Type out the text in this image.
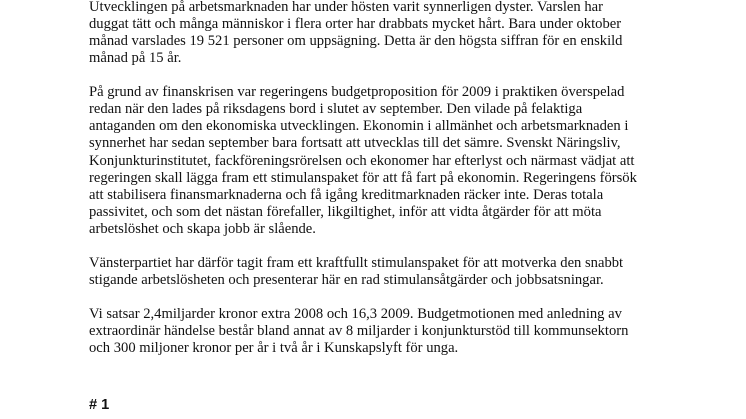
Utvecklingen på arbetsmarknaden har under hösten varit synnerligen dyster. Varslen har
duggat tätt och många människor i flera orter har drabbats mycket hårt. Bara under oktober
månad varslades 19 521 personer om uppsägning. Detta är den högsta siffran för en enskild
månad på 15 år.

På grund av finanskrisen var regeringens budgetproposition för 2009 i praktiken överspelad
redan när den lades på riksdagens bord i slutet av september. Den vilade på felaktiga
antaganden om den ekonomiska utvecklingen. Ekonomin i allmänhet och arbetsmarknaden i
synnerhet har sedan september bara fortsatt att utvecklas till det sämre. Svenskt Näringsliv,
Konjunkturinstitutet, fackföreningsrörelsen och ekonomer har efterlyst och närmast vädjat att
regeringen skall lägga fram ett stimulanspaket för att få fart på ekonomin. Regeringens försök
att stabilisera finansmarknaderna och få igång kreditmarknaden räcker inte. Deras totala
passivitet, och som det nästan förefaller, likgiltighet, inför att vidta åtgärder för att möta
arbetslöshet och skapa jobb är slående.

Vänsterpartiet har därför tagit fram ett kraftfullt stimulanspaket för att motverka den snabbt
stigande arbetslösheten och presenterar här en rad stimulansåtgärder och jobbsatsningar.

Vi satsar 2,4miljarder kronor extra 2008 och 16,3 2009. Budgetmotionen med anledning av
extraordinär händelse består bland annat av 8 miljarder i konjunkturstöd till kommunsektorn
och 300 miljoner kronor per år i två år i Kunskapslyft för unga.

# 1
